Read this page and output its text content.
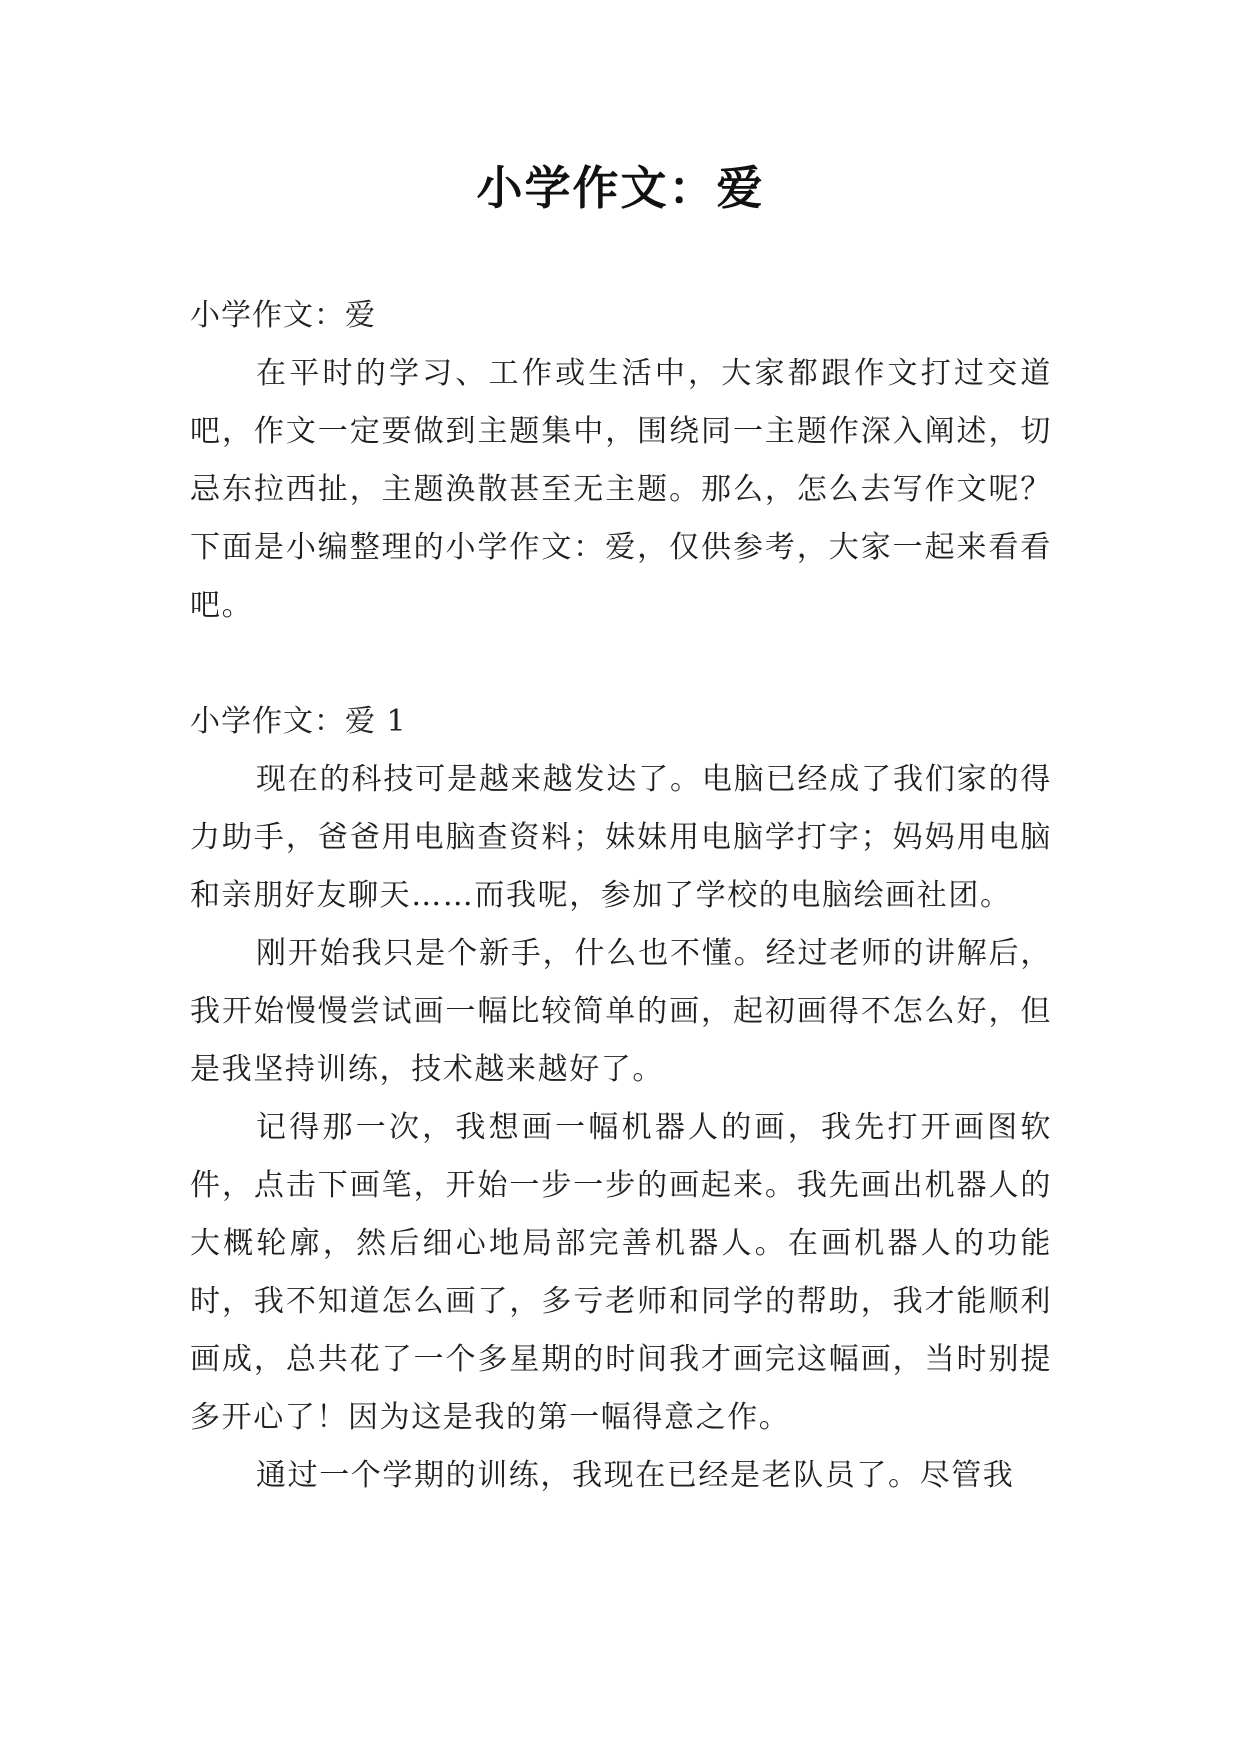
小学作文：爱

小学作文：爱

在平时的学习、工作或生活中，大家都跟作文打过交道吧，作文一定要做到主题集中，围绕同一主题作深入阐述，切忌东拉西扯，主题涣散甚至无主题。那么，怎么去写作文呢？下面是小编整理的小学作文：爱，仅供参考，大家一起来看看吧。

小学作文：爱 1

现在的科技可是越来越发达了。电脑已经成了我们家的得力助手，爸爸用电脑查资料；妹妹用电脑学打字；妈妈用电脑和亲朋好友聊天……而我呢，参加了学校的电脑绘画社团。

刚开始我只是个新手，什么也不懂。经过老师的讲解后，我开始慢慢尝试画一幅比较简单的画，起初画得不怎么好，但是我坚持训练，技术越来越好了。

记得那一次，我想画一幅机器人的画，我先打开画图软件，点击下画笔，开始一步一步的画起来。我先画出机器人的大概轮廓，然后细心地局部完善机器人。在画机器人的功能时，我不知道怎么画了，多亏老师和同学的帮助，我才能顺利画成，总共花了一个多星期的时间我才画完这幅画，当时别提多开心了！因为这是我的第一幅得意之作。

通过一个学期的训练，我现在已经是老队员了。尽管我
